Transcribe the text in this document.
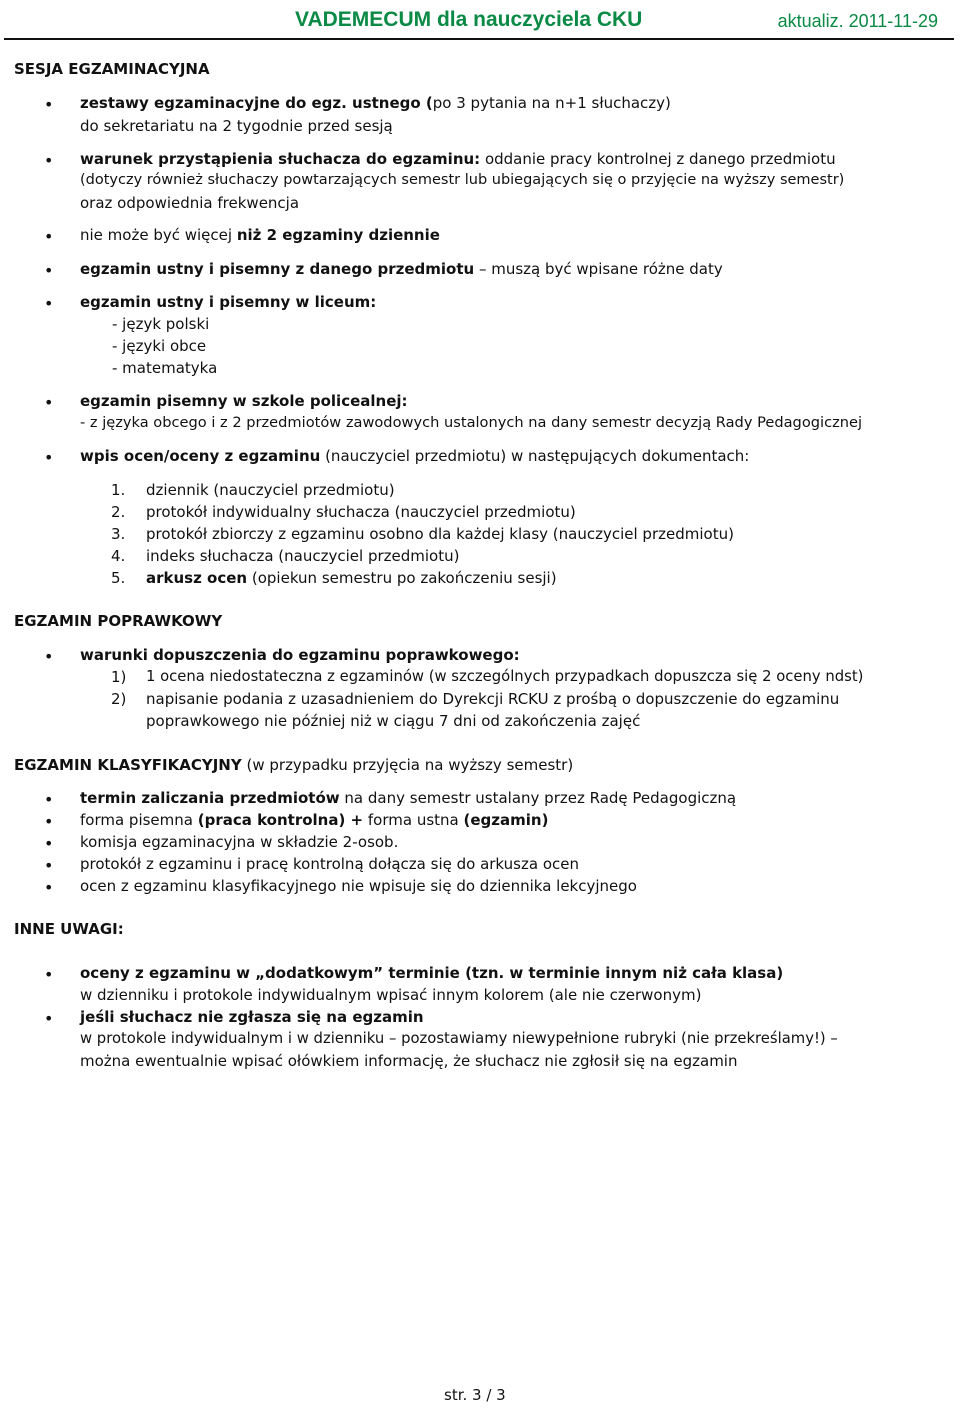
VADEMECUM dla nauczyciela CKU	aktualiz. 2011-11-29
SESJA EGZAMINACYJNA
• zestawy egzaminacyjne do egz. ustnego (po 3 pytania na n+1 słuchaczy)
do sekretariatu na 2 tygodnie przed sesją
• warunek przystąpienia słuchacza do egzaminu: oddanie pracy kontrolnej z danego przedmiotu
(dotyczy również słuchaczy powtarzających semestr lub ubiegających się o przyjęcie na wyższy semestr)
oraz odpowiednia frekwencja
• nie może być więcej niż 2 egzaminy dziennie
• egzamin ustny i pisemny z danego przedmiotu – muszą być wpisane różne daty
• egzamin ustny i pisemny w liceum:
- język polski
- języki obce
- matematyka
• egzamin pisemny w szkole policealnej:
- z języka obcego i z 2 przedmiotów zawodowych ustalonych na dany semestr decyzją Rady Pedagogicznej
• wpis ocen/oceny z egzaminu (nauczyciel przedmiotu) w następujących dokumentach:
1. dziennik (nauczyciel przedmiotu)
2. protokół indywidualny słuchacza (nauczyciel przedmiotu)
3. protokół zbiorczy z egzaminu osobno dla każdej klasy (nauczyciel przedmiotu)
4. indeks słuchacza (nauczyciel przedmiotu)
5. arkusz ocen (opiekun semestru po zakończeniu sesji)
EGZAMIN POPRAWKOWY
• warunki dopuszczenia do egzaminu poprawkowego:
1) 1 ocena niedostateczna z egzaminów (w szczególnych przypadkach dopuszcza się 2 oceny ndst)
2) napisanie podania z uzasadnieniem do Dyrekcji RCKU z prośbą o dopuszczenie do egzaminu
poprawkowego nie później niż w ciągu 7 dni od zakończenia zajęć
EGZAMIN KLASYFIKACYJNY (w przypadku przyjęcia na wyższy semestr)
• termin zaliczania przedmiotów na dany semestr ustalany przez Radę Pedagogiczną
• forma pisemna (praca kontrolna) + forma ustna (egzamin)
• komisja egzaminacyjna w składzie 2-osob.
• protokół z egzaminu i pracę kontrolną dołącza się do arkusza ocen
• ocen z egzaminu klasyfikacyjnego nie wpisuje się do dziennika lekcyjnego
INNE UWAGI:
• oceny z egzaminu w „dodatkowym” terminie (tzn. w terminie innym niż cała klasa)
w dzienniku i protokole indywidualnym wpisać innym kolorem (ale nie czerwonym)
• jeśli słuchacz nie zgłasza się na egzamin
w protokole indywidualnym i w dzienniku – pozostawiamy niewypełnione rubryki (nie przekreślamy!) –
można ewentualnie wpisać ołówkiem informację, że słuchacz nie zgłosił się na egzamin
str. 3 / 3
